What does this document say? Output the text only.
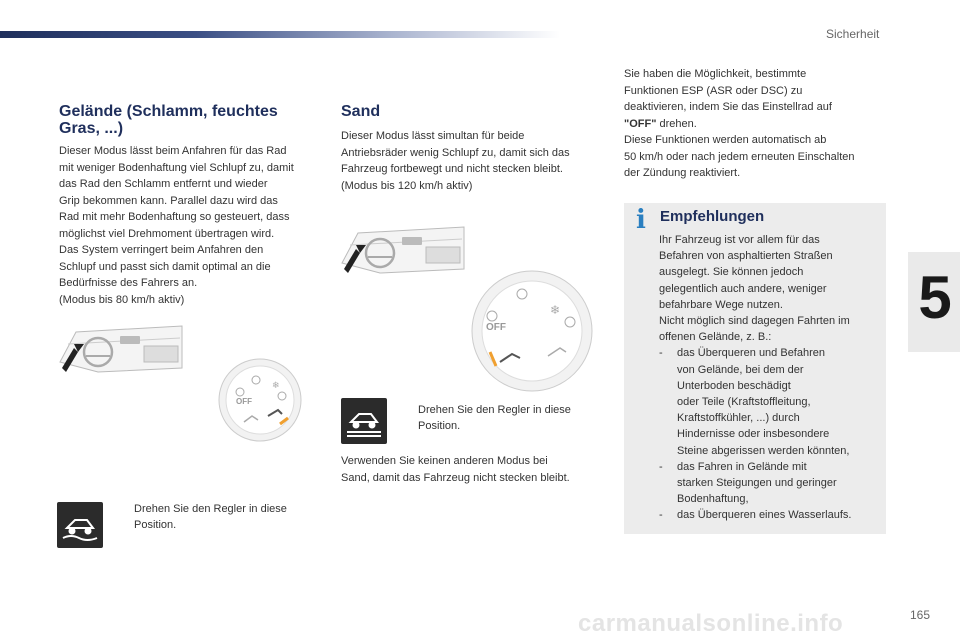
Sicherheit
5
Gelände (Schlamm, feuchtes
Gras, ...)

Dieser Modus lässt beim Anfahren für das Rad

mit weniger Bodenhaftung viel Schlupf zu, damit

das Rad den Schlamm entfernt und wieder

Grip bekommen kann. Parallel dazu wird das

Rad mit mehr Bodenhaftung so gesteuert, dass

möglichst viel Drehmoment übertragen wird.

Das System verringert beim Anfahren den

Schlupf und passt sich damit optimal an die

Bedürfnisse des Fahrers an.

(Modus bis 80 km/h aktiv)

OFF
❄
Drehen Sie den Regler in diese
Position.
Sand

Dieser Modus lässt simultan für beide

Antriebsräder wenig Schlupf zu, damit sich das

Fahrzeug fortbewegt und nicht stecken bleibt.

(Modus bis 120 km/h aktiv)

OFF
❄
Drehen Sie den Regler in diese
Position.

Verwenden Sie keinen anderen Modus bei

Sand, damit das Fahrzeug nicht stecken bleibt.

Sie haben die Möglichkeit, bestimmte

Funktionen ESP (ASR oder DSC) zu

deaktivieren, indem Sie das Einstellrad auf

"OFF" drehen.

Diese Funktionen werden automatisch ab

50 km/h oder nach jedem erneuten Einschalten

der Zündung reaktiviert.

i Empfehlungen

Ihr Fahrzeug ist vor allem für das

Befahren von asphaltierten Straßen

ausgelegt. Sie können jedoch

gelegentlich auch andere, weniger

befahrbare Wege nutzen.

Nicht möglich sind dagegen Fahrten im

offenen Gelände, z. B.:

- das Überqueren und Befahren

von Gelände, bei dem der

Unterboden beschädigt

oder Teile (Kraftstoffleitung,

Kraftstoffkühler, ...) durch

Hindernisse oder insbesondere

Steine abgerissen werden könnten,

- das Fahren in Gelände mit

starken Steigungen und geringer

Bodenhaftung,

- das Überqueren eines Wasserlaufs.

carmanualsonline.info	165
